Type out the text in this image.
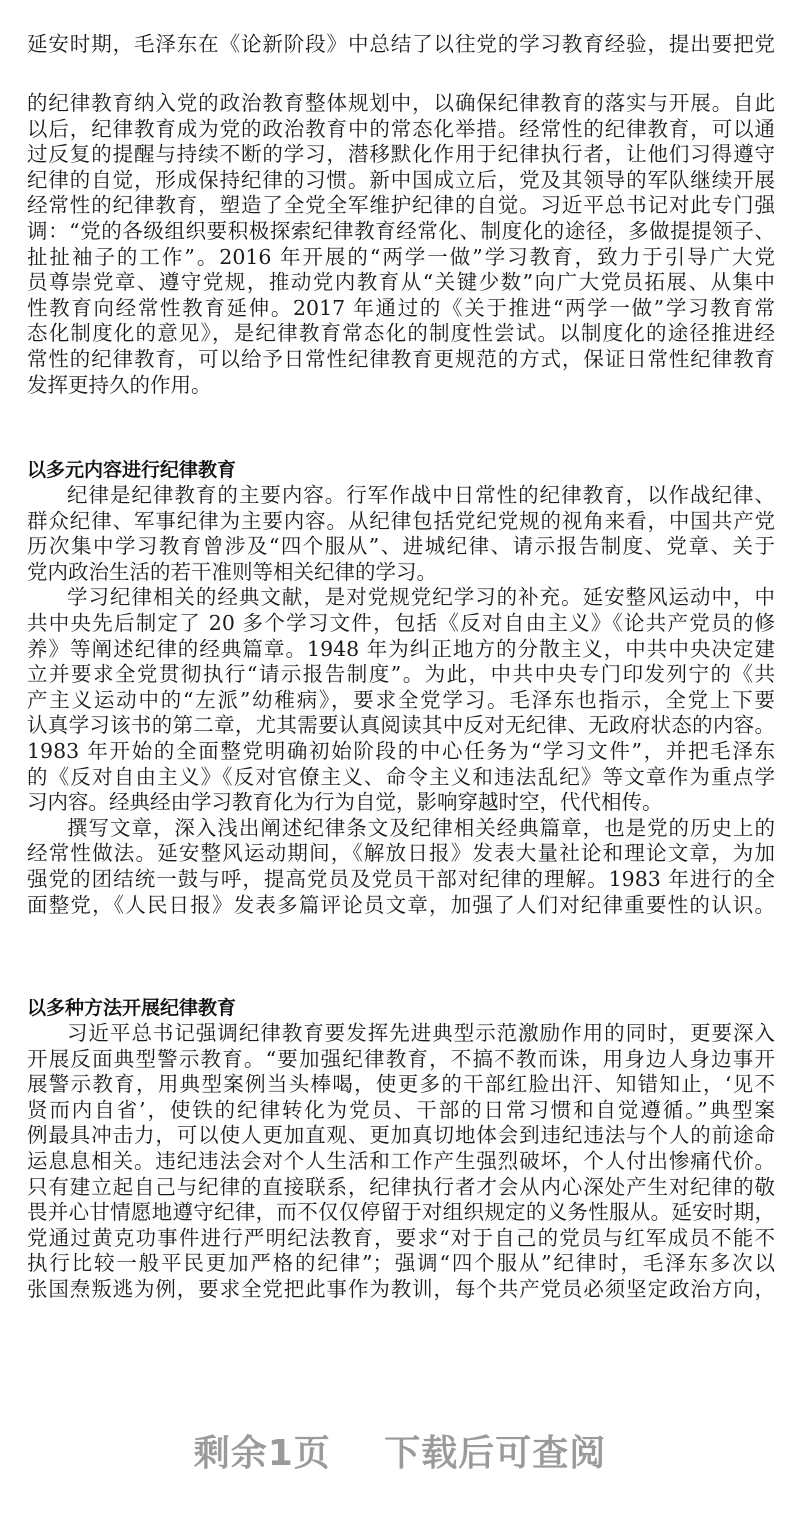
延安时期，毛泽东在《论新阶段》中总结了以往党的学习教育经验，提出要把党
的纪律教育纳入党的政治教育整体规划中，以确保纪律教育的落实与开展。自此
以后，纪律教育成为党的政治教育中的常态化举措。经常性的纪律教育，可以通
过反复的提醒与持续不断的学习，潜移默化作用于纪律执行者，让他们习得遵守
纪律的自觉，形成保持纪律的习惯。新中国成立后，党及其领导的军队继续开展
经常性的纪律教育，塑造了全党全军维护纪律的自觉。习近平总书记对此专门强
调：“党的各级组织要积极探索纪律教育经常化、制度化的途径，多做提提领子、
扯扯袖子的工作”。2016 年开展的“两学一做”学习教育，致力于引导广大党
员尊崇党章、遵守党规，推动党内教育从“关键少数”向广大党员拓展、从集中
性教育向经常性教育延伸。2017 年通过的《关于推进“两学一做”学习教育常
态化制度化的意见》，是纪律教育常态化的制度性尝试。以制度化的途径推进经
常性的纪律教育，可以给予日常性纪律教育更规范的方式，保证日常性纪律教育
发挥更持久的作用。
以多元内容进行纪律教育
纪律是纪律教育的主要内容。行军作战中日常性的纪律教育，以作战纪律、
群众纪律、军事纪律为主要内容。从纪律包括党纪党规的视角来看，中国共产党
历次集中学习教育曾涉及“四个服从”、进城纪律、请示报告制度、党章、关于
党内政治生活的若干准则等相关纪律的学习。
学习纪律相关的经典文献，是对党规党纪学习的补充。延安整风运动中，中
共中央先后制定了 20 多个学习文件，包括《反对自由主义》《论共产党员的修
养》等阐述纪律的经典篇章。1948 年为纠正地方的分散主义，中共中央决定建
立并要求全党贯彻执行“请示报告制度”。为此，中共中央专门印发列宁的《共
产主义运动中的“左派”幼稚病》，要求全党学习。毛泽东也指示，全党上下要
认真学习该书的第二章，尤其需要认真阅读其中反对无纪律、无政府状态的内容。
1983 年开始的全面整党明确初始阶段的中心任务为“学习文件”，并把毛泽东
的《反对自由主义》《反对官僚主义、命令主义和违法乱纪》等文章作为重点学
习内容。经典经由学习教育化为行为自觉，影响穿越时空，代代相传。
撰写文章，深入浅出阐述纪律条文及纪律相关经典篇章，也是党的历史上的
经常性做法。延安整风运动期间，《解放日报》发表大量社论和理论文章，为加
强党的团结统一鼓与呼，提高党员及党员干部对纪律的理解。1983 年进行的全
面整党，《人民日报》发表多篇评论员文章，加强了人们对纪律重要性的认识。
以多种方法开展纪律教育
习近平总书记强调纪律教育要发挥先进典型示范激励作用的同时，更要深入
开展反面典型警示教育。“要加强纪律教育，不搞不教而诛，用身边人身边事开
展警示教育，用典型案例当头棒喝，使更多的干部红脸出汗、知错知止，‘见不
贤而内自省’，使铁的纪律转化为党员、干部的日常习惯和自觉遵循。”典型案
例最具冲击力，可以使人更加直观、更加真切地体会到违纪违法与个人的前途命
运息息相关。违纪违法会对个人生活和工作产生强烈破坏，个人付出惨痛代价。
只有建立起自己与纪律的直接联系，纪律执行者才会从内心深处产生对纪律的敬
畏并心甘情愿地遵守纪律，而不仅仅停留于对组织规定的义务性服从。延安时期，
党通过黄克功事件进行严明纪法教育，要求“对于自己的党员与红军成员不能不
执行比较一般平民更加严格的纪律”；强调“四个服从”纪律时，毛泽东多次以
张国焘叛逃为例，要求全党把此事作为教训，每个共产党员必须坚定政治方向，
剩余1页 下载后可查阅
